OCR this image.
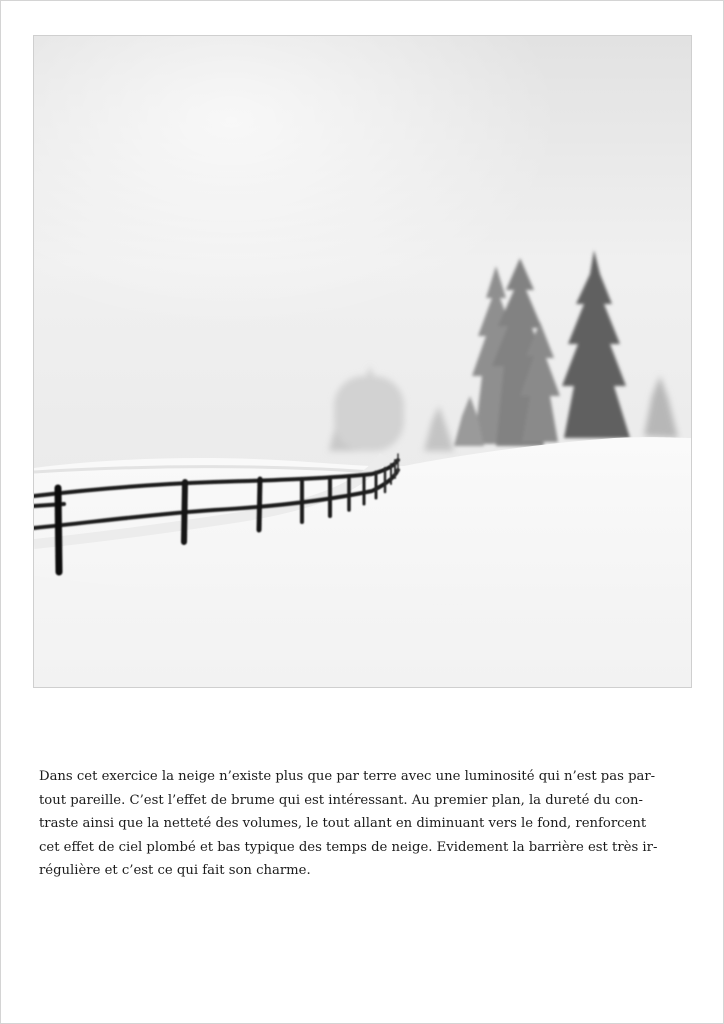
Dans cet exercice la neige n’existe plus que par terre avec une luminosité qui n’est pas par-
tout pareille. C’est l’effet de brume qui est intéressant. Au premier plan, la dureté du con-
traste ainsi que la netteté des volumes, le tout allant en diminuant vers le fond, renforcent
cet effet de ciel plombé et bas typique des temps de neige. Evidement la barrière est très ir-
régulière et c’est ce qui fait son charme.
